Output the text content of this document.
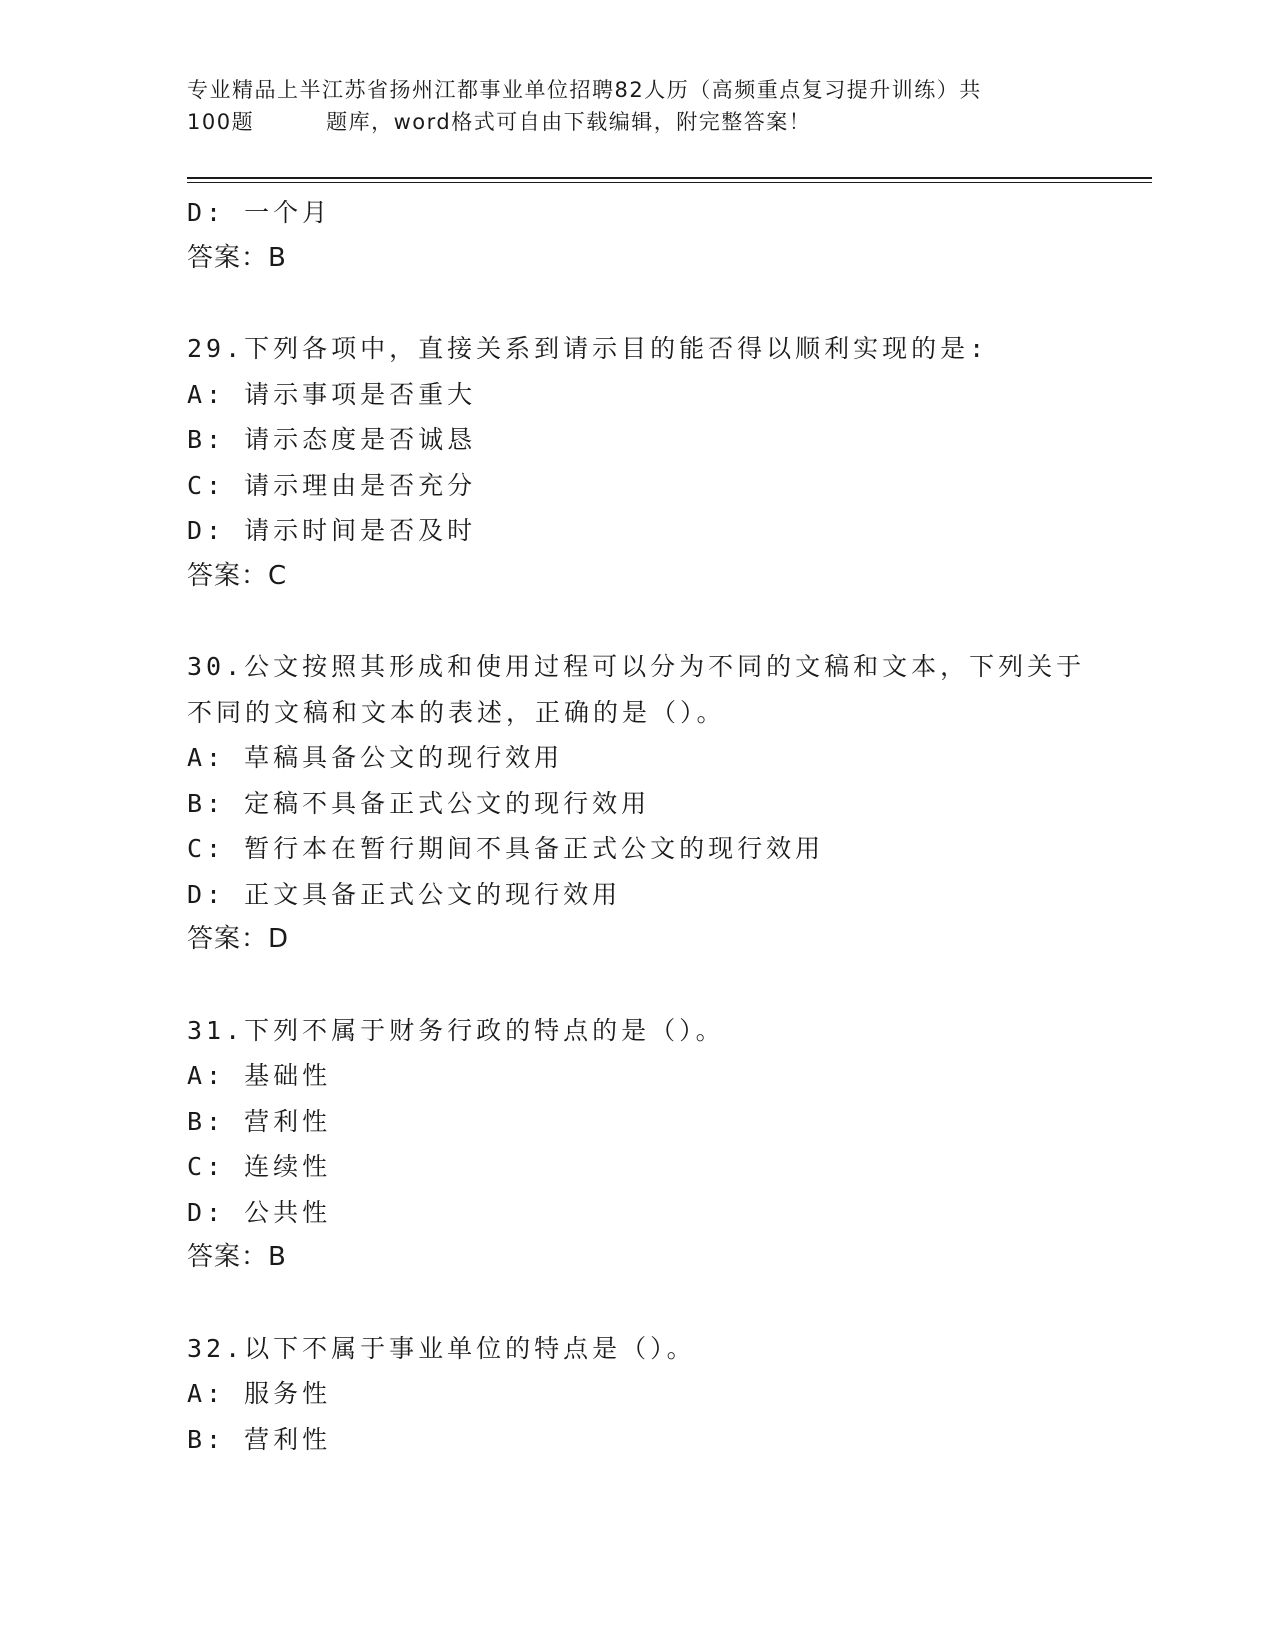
专业精品上半江苏省扬州江都事业单位招聘82人历（高频重点复习提升训练）共
100题	题库，word格式可自由下载编辑，附完整答案！
D: 一个月
答案：B
29.下列各项中，直接关系到请示目的能否得以顺利实现的是:
A: 请示事项是否重大
B: 请示态度是否诚恳
C: 请示理由是否充分
D: 请示时间是否及时
答案：C
30.公文按照其形成和使用过程可以分为不同的文稿和文本，下列关于
不同的文稿和文本的表述，正确的是（）。
A: 草稿具备公文的现行效用
B: 定稿不具备正式公文的现行效用
C: 暂行本在暂行期间不具备正式公文的现行效用
D: 正文具备正式公文的现行效用
答案：D
31.下列不属于财务行政的特点的是（）。
A: 基础性
B: 营利性
C: 连续性
D: 公共性
答案：B
32.以下不属于事业单位的特点是（）。
A: 服务性
B: 营利性
